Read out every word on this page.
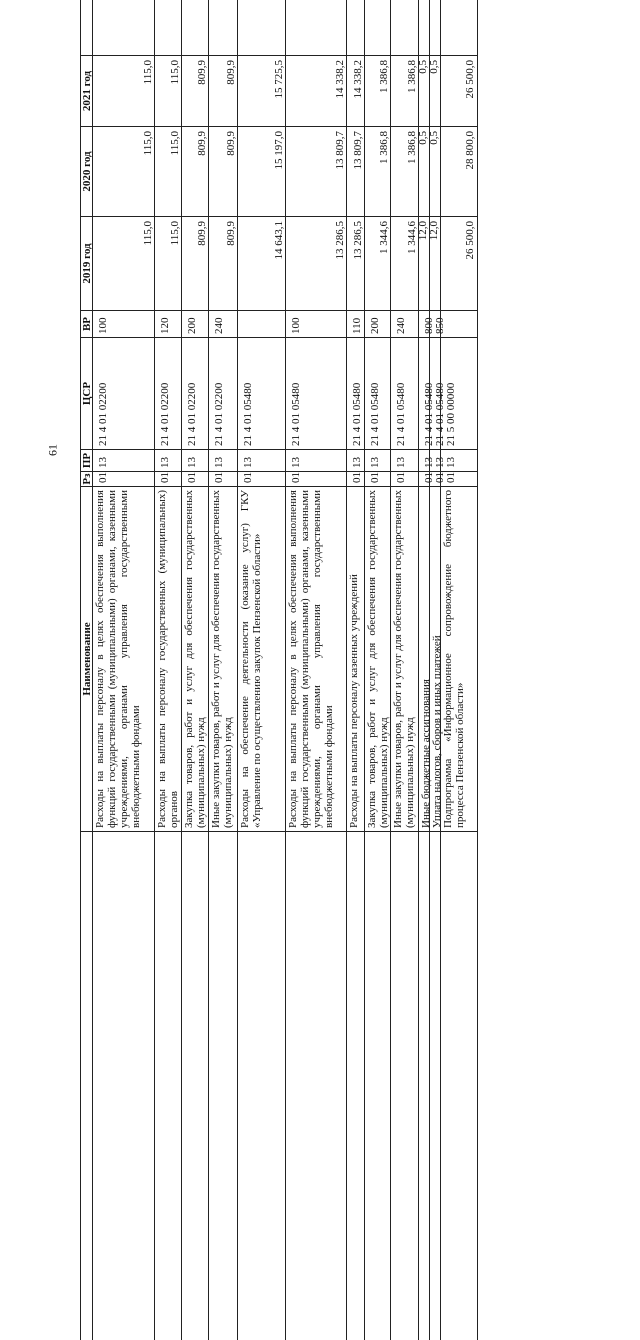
61
Наименование
Рз
ПР
ЦСР
ВР
2019 год
2020 год
2021 год
Расходы на выплаты персоналу в целях обеспечения выполнения функций государственными (муниципальными) органами, казенными учреждениями, органами управления государственными внебюджетными фондами
01
13
21 4 01 02200
100
115,0
115,0
115,0
Расходы на выплаты персоналу государственных (муниципальных) органов
01
13
21 4 01 02200
120
115,0
115,0
115,0
Закупка товаров, работ и услуг для обеспечения государственных (муниципальных) нужд
01
13
21 4 01 02200
200
809,9
809,9
809,9
Иные закупки товаров, работ и услуг для обеспечения государственных (муниципальных) нужд
01
13
21 4 01 02200
240
809,9
809,9
809,9
Расходы на обеспечение деятельности (оказание услуг) ГКУ «Управление по осуществлению закупок Пензенской области»
01
13
21 4 01 05480
14 643,1
15 197,0
15 725,5
Расходы на выплаты персоналу в целях обеспечения выполнения функций государственными (муниципальными) органами, казенными учреждениями, органами управления государственными внебюджетными фондами
01
13
21 4 01 05480
100
13 286,5
13 809,7
14 338,2
Расходы на выплаты персоналу казенных учреждений
01
13
21 4 01 05480
110
13 286,5
13 809,7
14 338,2
Закупка товаров, работ и услуг для обеспечения государственных (муниципальных) нужд
01
13
21 4 01 05480
200
1 344,6
1 386,8
1 386,8
Иные закупки товаров, работ и услуг для обеспечения государственных (муниципальных) нужд
01
13
21 4 01 05480
240
1 344,6
1 386,8
1 386,8
Иные бюджетные ассигнования
01
13
21 4 01 05480
800
12,0
0,5
0,5
Уплата налогов, сборов и иных платежей
01
13
21 4 01 05480
850
12,0
0,5
0,5
Подпрограмма «Информационное сопровождение бюджетного процесса Пензенской области»
01
13
21 5 00 00000
26 500,0
28 800,0
26 500,0
